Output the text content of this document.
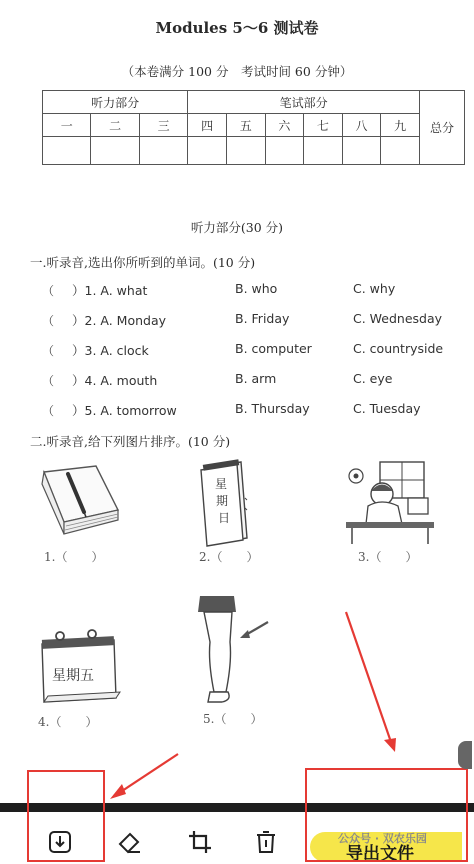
Modules 5～6 测试卷
（本卷满分 100 分　考试时间 60 分钟）
听力部分			笔试部分						总分
一	二	三	四	五	六	七	八	九	

听力部分(30 分)
一.听录音,选出你所听到的单词。(10 分)
（ ）1. A. what	B. who	C. why
（ ）2. A. Monday	B. Friday	C. Wednesday
（ ）3. A. clock	B. computer	C. countryside
（ ）4. A. mouth	B. arm	C. eye
（ ）5. A. tomorrow	B. Thursday	C. Tuesday
二.听录音,给下列图片排序。(10 分)
1.（　　）
星
期
日
2.（　　）	3.（　　）
星期五
4.（　　）	5.（　　）
公众号 · 双农乐园
导出文件
